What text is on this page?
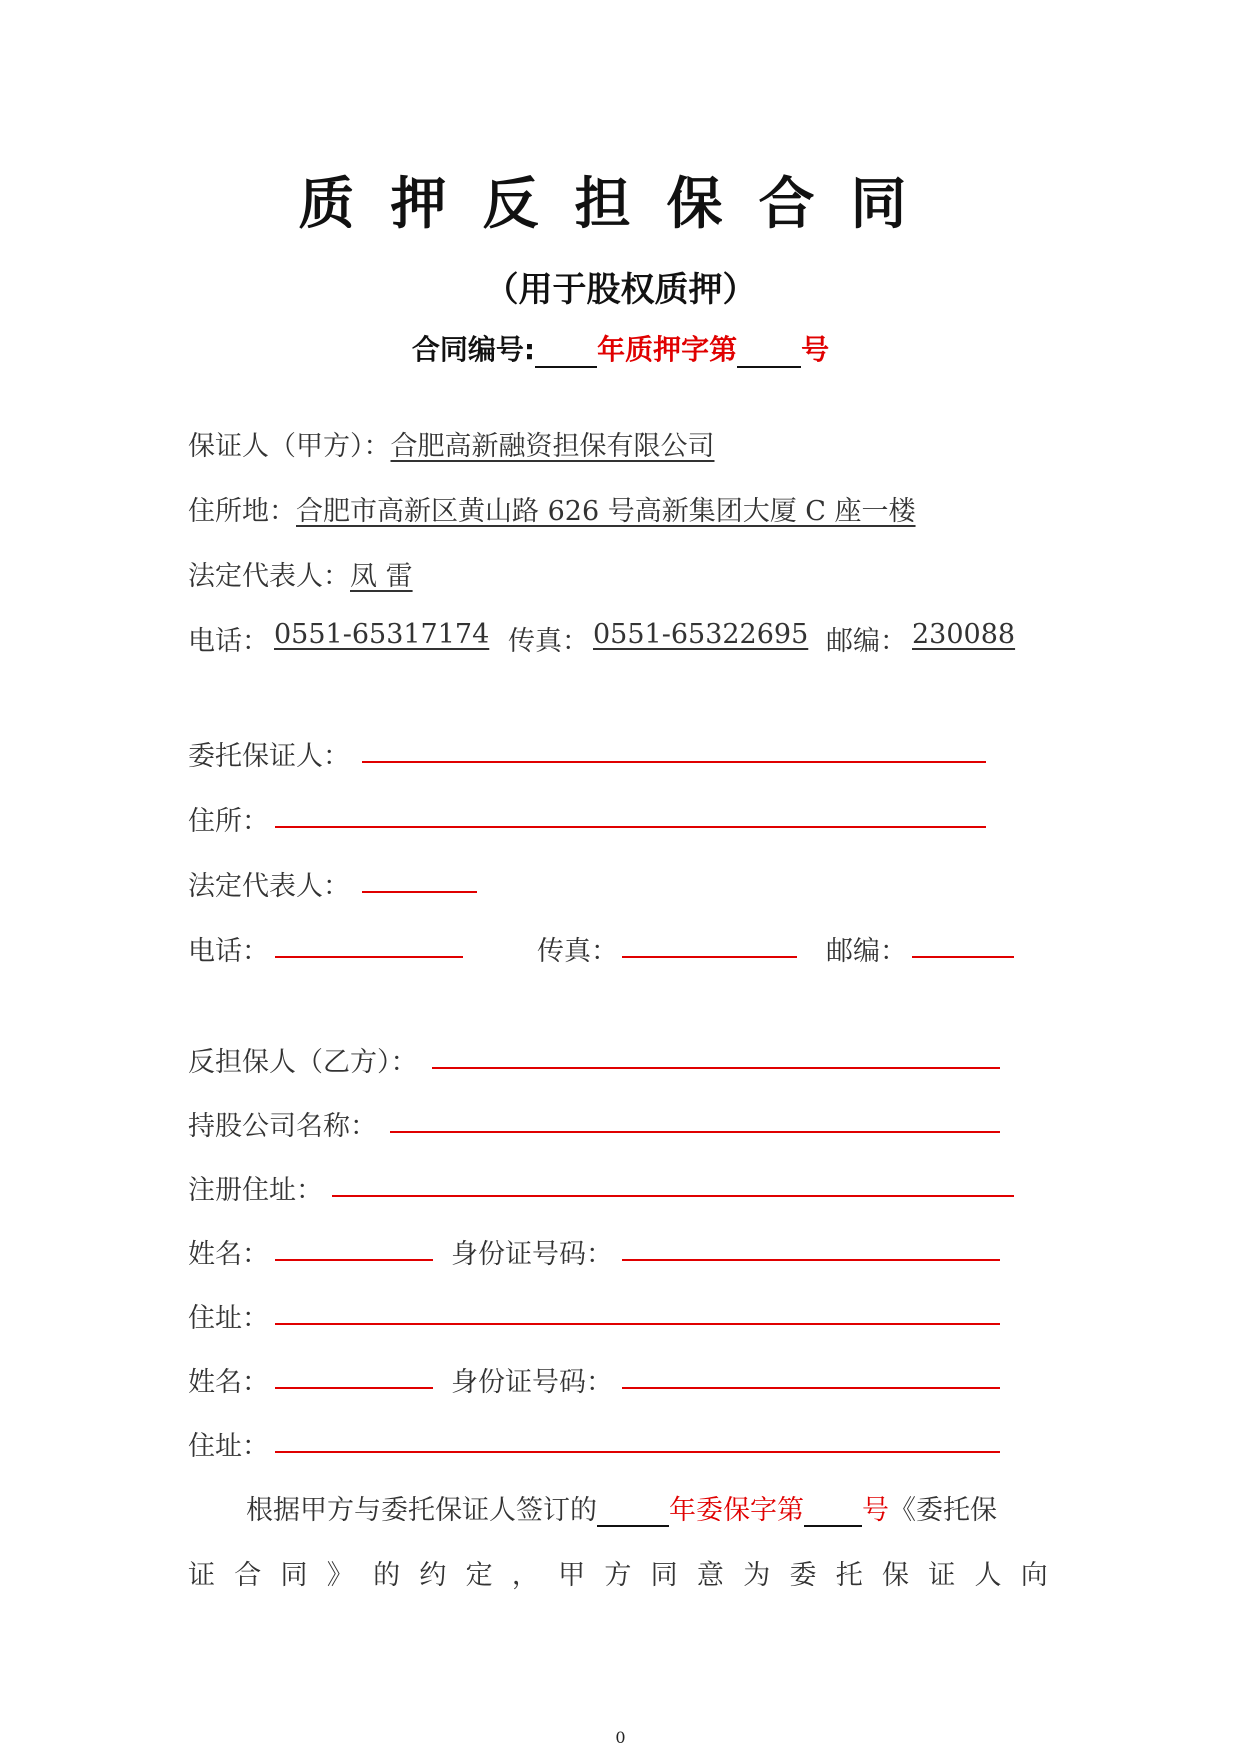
质押反担保合同
（用于股权质押）
合同编号: 年质押字第 号
保证人（甲方）：合肥高新融资担保有限公司
住所地：合肥市高新区黄山路 626 号高新集团大厦 C 座一楼
法定代表人：凤 雷
电话： 0551-65317174 传真： 0551-65322695 邮编： 230088
委托保证人：
住所：
法定代表人：
电话：	传真：	邮编：
反担保人（乙方）：
持股公司名称：
注册住址：
姓名：	身份证号码：
住址：
姓名：	身份证号码：
住址：
根据甲方与委托保证人签订的	年委保字第 号《委托保
证 合 同 》 的 约 定 ， 甲 方 同 意 为 委 托 保 证 人 向
0
